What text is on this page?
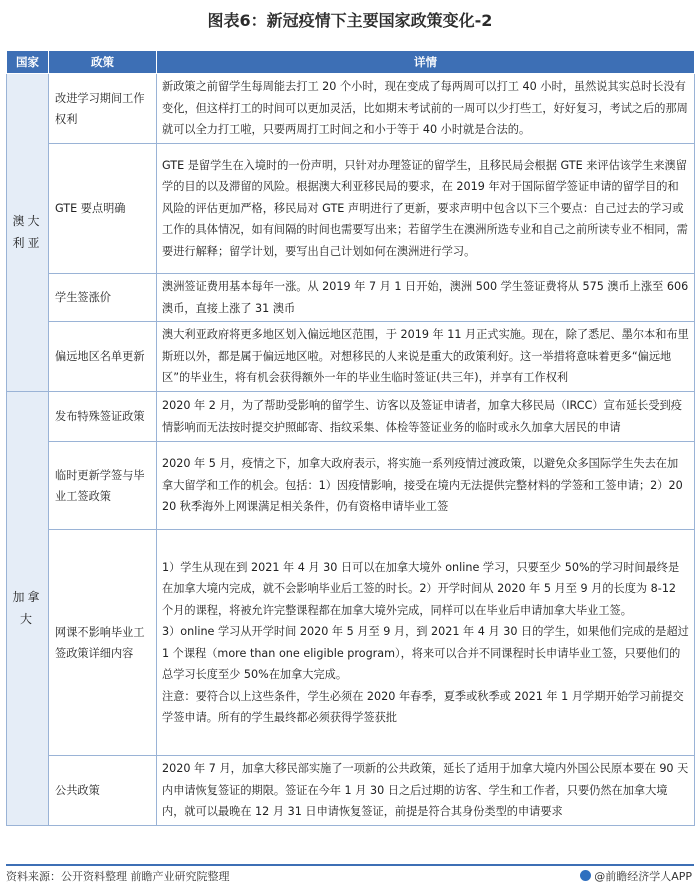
图表6：新冠疫情下主要国家政策变化-2
国家	政策	详情
澳大利亚	改进学习期间工作权利	新政策之前留学生每周能去打工 20 个小时，现在变成了每两周可以打工 40 小时，虽然说其实总时长没有变化，但这样打工的时间可以更加灵活，比如期末考试前的一周可以少打些工，好好复习，考试之后的那周就可以全力打工啦，只要两周打工时间之和小于等于 40 小时就是合法的。
	GTE 要点明确	GTE 是留学生在入境时的一份声明，只针对办理签证的留学生，且移民局会根据 GTE 来评估该学生来澳留学的目的以及滞留的风险。根据澳大利亚移民局的要求，在 2019 年对于国际留学签证申请的留学目的和风险的评估更加严格，移民局对 GTE 声明进行了更新，要求声明中包含以下三个要点：自己过去的学习或工作的具体情况，如有间隔的时间也需要写出来；若留学生在澳洲所选专业和自己之前所读专业不相同，需要进行解释；留学计划，要写出自己计划如何在澳洲进行学习。
	学生签涨价	澳洲签证费用基本每年一涨。从 2019 年 7 月 1 日开始，澳洲 500 学生签证费将从 575 澳币上涨至 606 澳币，直接上涨了 31 澳币
	偏远地区名单更新	澳大利亚政府将更多地区划入偏远地区范围，于 2019 年 11 月正式实施。现在，除了悉尼、墨尔本和布里斯班以外，都是属于偏远地区啦。对想移民的人来说是重大的政策利好。这一举措将意味着更多“偏远地区”的毕业生，将有机会获得额外一年的毕业生临时签证(共三年)，并享有工作权利
加拿大	发布特殊签证政策	2020 年 2 月，为了帮助受影响的留学生、访客以及签证申请者，加拿大移民局（IRCC）宣布延长受到疫情影响而无法按时提交护照邮寄、指纹采集、体检等签证业务的临时或永久加拿大居民的申请
	临时更新学签与毕业工签政策	2020 年 5 月，疫情之下，加拿大政府表示，将实施一系列疫情过渡政策，以避免众多国际学生失去在加拿大留学和工作的机会。包括：1）因疫情影响，接受在境内无法提供完整材料的学签和工签申请；2）2020 秋季海外上网课满足相关条件，仍有资格申请毕业工签
	网课不影响毕业工签政策详细内容	1）学生从现在到 2021 年 4 月 30 日可以在加拿大境外 online 学习，只要至少 50%的学习时间最终是在加拿大境内完成，就不会影响毕业后工签的时长。2）开学时间从 2020 年 5 月至 9 月的长度为 8-12 个月的课程，将被允许完整课程都在加拿大境外完成，同样可以在毕业后申请加拿大毕业工签。
3）online 学习从开学时间 2020 年 5 月至 9 月，到 2021 年 4 月 30 日的学生，如果他们完成的是超过 1 个课程（more than one eligible program），将来可以合并不同课程时长申请毕业工签，只要他们的总学习长度至少 50%在加拿大完成。
注意：要符合以上这些条件，学生必须在 2020 年春季，夏季或秋季或 2021 年 1 月学期开始学习前提交学签申请。所有的学生最终都必须获得学签获批

	公共政策	2020 年 7 月，加拿大移民部实施了一项新的公共政策，延长了适用于加拿大境内外国公民原本要在 90 天内申请恢复签证的期限。签证在今年 1 月 30 日之后过期的访客、学生和工作者，只要仍然在加拿大境内，就可以最晚在 12 月 31 日申请恢复签证，前提是符合其身份类型的申请要求
资料来源：公开资料整理 前瞻产业研究院整理	@前瞻经济学人APP
